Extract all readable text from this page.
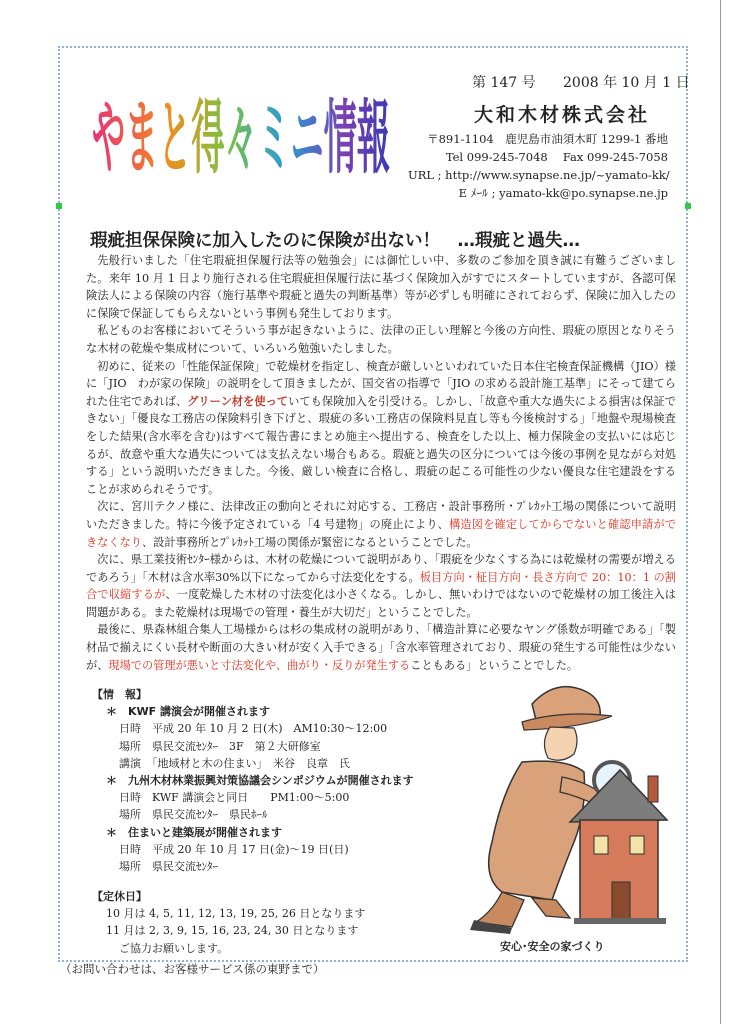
やまと得々ミニ情報
第 147 号 2008 年 10 月 1 日
大和木材株式会社
〒891-1104　鹿児島市油須木町 1299-1 番地
Tel 099-245-7048　 Fax 099-245-7058
URL ; http://www.synapse.ne.jp/~yamato-kk/
E ﾒｰﾙ ; yamato-kk@po.synapse.ne.jp
瑕疵担保保険に加入したのに保険が出ない！　…瑕疵と過失…

先般行いました「住宅瑕疵担保履行法等の勉強会」には御忙しい中、多数のご参加を頂き誠に有難うございました。来年 10 月 1 日より施行される住宅瑕疵担保履行法に基づく保険加入がすでにスタートしていますが、各認可保険法人による保険の内容（施行基準や瑕疵と過失の判断基準）等が必ずしも明確にされておらず、保険に加入したのに保険で保証してもらえないという事例も発生しております。

私どものお客様においてそういう事が起きないように、法律の正しい理解と今後の方向性、瑕疵の原因となりそうな木材の乾燥や集成材について、いろいろ勉強いたしました。

初めに、従来の「性能保証保険」で乾燥材を指定し、検査が厳しいといわれていた日本住宅検査保証機構（JIO）様に「JIO　わが家の保険」の説明をして頂きましたが、国交省の指導で「JIO の求める設計施工基準」にそって建てられた住宅であれば、グリーン材を使っていても保険加入を引受ける。しかし、「故意や重大な過失による損害は保証できない」「優良な工務店の保険料引き下げと、瑕疵の多い工務店の保険料見直し等も今後検討する」「地盤や現場検査をした結果(含水率を含む)はすべて報告書にまとめ施主へ提出する、検査をした以上、極力保険金の支払いには応じるが、故意や重大な過失については支払えない場合もある。瑕疵と過失の区分については今後の事例を見ながら対処する」という説明いただきました。今後、厳しい検査に合格し、瑕疵の起こる可能性の少ない優良な住宅建設をすることが求められそうです。

次に、宮川テクノ様に、法律改正の動向とそれに対応する、工務店・設計事務所・ﾌﾟﾚｶｯﾄ工場の関係について説明いただきました。特に今後予定されている「4 号建物」の廃止により、構造図を確定してからでないと確認申請ができなくなり、設計事務所とﾌﾟﾚｶｯﾄ工場の関係が緊密になるということでした。

次に、県工業技術ｾﾝﾀｰ様からは、木材の乾燥について説明があり、「瑕疵を少なくする為には乾燥材の需要が増えるであろう」「木材は含水率30%以下になってから寸法変化をする。板目方向・柾目方向・長さ方向で 20：10：1 の割合で収縮するが、一度乾燥した木材の寸法変化は小さくなる。しかし、無いわけではないので乾燥材の加工後注入は問題がある。また乾燥材は現場での管理・養生が大切だ」ということでした。

最後に、県森林組合集人工場様からは杉の集成材の説明があり、「構造計算に必要なヤング係数が明確である」「製材品で揃えにくい長材や断面の大きい材が安く入手できる」「含水率管理されており、瑕疵の発生する可能性は少ないが、現場での管理が悪いと寸法変化や、曲がり・反りが発生することもある」ということでした。

【情　報】
＊　KWF 講演会が開催されます
日時　平成 20 年 10 月 2 日(木)　AM10:30～12:00
場所　県民交流ｾﾝﾀｰ　3F　第２大研修室
講演　「地域材と木の住まい」　米谷　良章　氏
＊　九州木材林業振興対策協議会シンポジウムが開催されます
日時　KWF 講演会と同日　　PM1:00～5:00
場所　県民交流ｾﾝﾀｰ　県民ﾎｰﾙ
＊　住まいと建築展が開催されます
日時　平成 20 年 10 月 17 日(金)～19 日(日)
場所　県民交流ｾﾝﾀｰ
【定休日】
10 月は 4, 5, 11, 12, 13, 19, 25, 26 日となります
11 月は 2, 3, 9, 15, 16, 23, 24, 30 日となります
ご協力お願いします。	安心･安全の家づくり
（お問い合わせは、お客様サービス係の東野まで）
